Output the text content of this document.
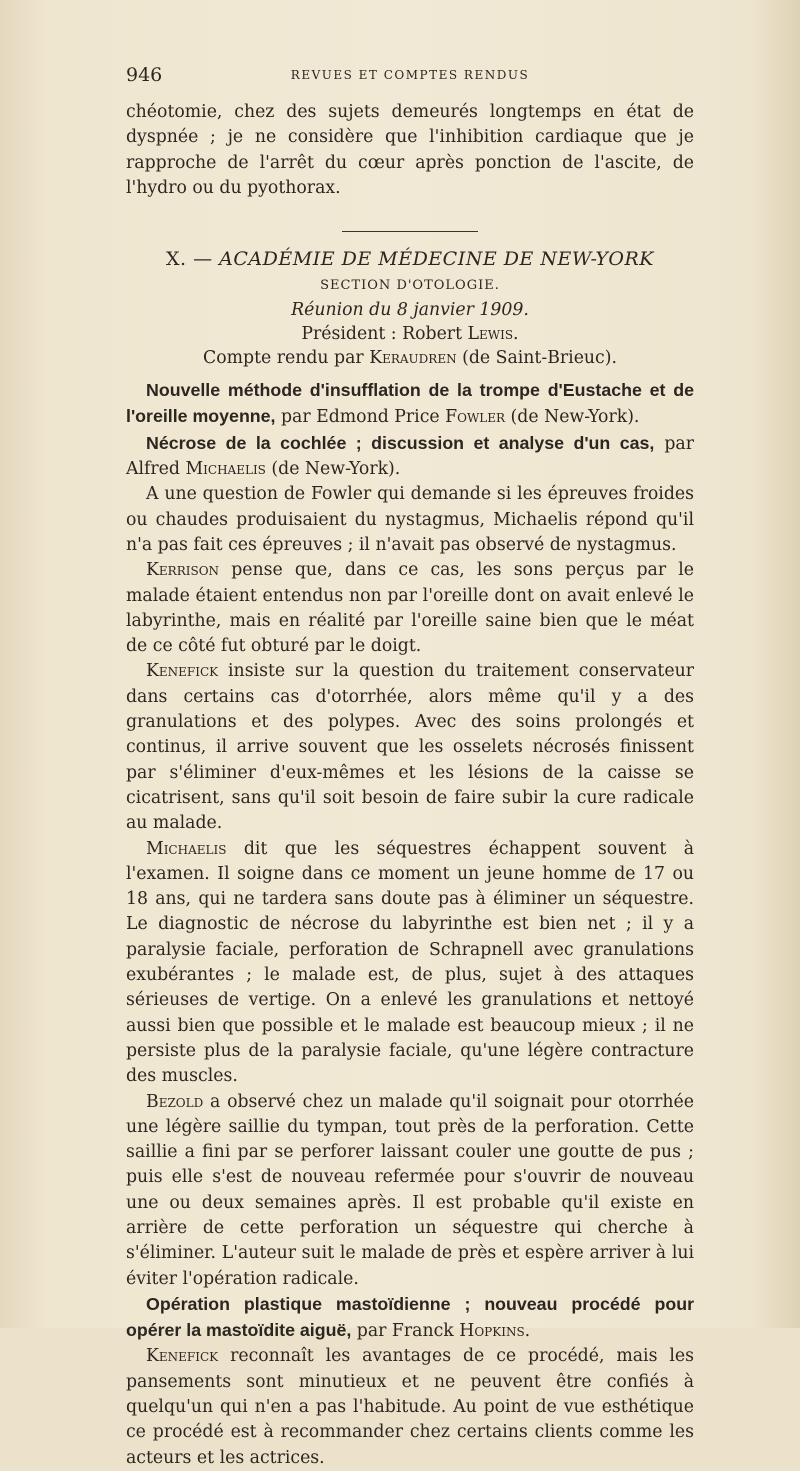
946	REVUES ET COMPTES RENDUS

chéotomie, chez des sujets demeurés longtemps en état de dyspnée ; je ne considère que l'inhibition cardiaque que je rapproche de l'arrêt du cœur après ponction de l'ascite, de l'hydro ou du pyothorax.

X. — ACADÉMIE DE MÉDECINE DE NEW-YORK
SECTION D'OTOLOGIE.
Réunion du 8 janvier 1909.
Président : Robert Lewis.
Compte rendu par Keraudren (de Saint-Brieuc).

Nouvelle méthode d'insufflation de la trompe d'Eustache et de l'oreille moyenne, par Edmond Price Fowler (de New-York).

Nécrose de la cochlée ; discussion et analyse d'un cas, par Alfred Michaelis (de New-York).

A une question de Fowler qui demande si les épreuves froides ou chaudes produisaient du nystagmus, Michaelis répond qu'il n'a pas fait ces épreuves ; il n'avait pas observé de nystagmus.

Kerrison pense que, dans ce cas, les sons perçus par le malade étaient entendus non par l'oreille dont on avait enlevé le labyrinthe, mais en réalité par l'oreille saine bien que le méat de ce côté fut obturé par le doigt.

Kenefick insiste sur la question du traitement conservateur dans certains cas d'otorrhée, alors même qu'il y a des granulations et des polypes. Avec des soins prolongés et continus, il arrive souvent que les osselets nécrosés finissent par s'éliminer d'eux-mêmes et les lésions de la caisse se cicatrisent, sans qu'il soit besoin de faire subir la cure radicale au malade.

Michaelis dit que les séquestres échappent souvent à l'examen. Il soigne dans ce moment un jeune homme de 17 ou 18 ans, qui ne tardera sans doute pas à éliminer un séquestre. Le diagnostic de nécrose du labyrinthe est bien net ; il y a paralysie faciale, perforation de Schrapnell avec granulations exubérantes ; le malade est, de plus, sujet à des attaques sérieuses de vertige. On a enlevé les granulations et nettoyé aussi bien que possible et le malade est beaucoup mieux ; il ne persiste plus de la paralysie faciale, qu'une légère contracture des muscles.

Bezold a observé chez un malade qu'il soignait pour otorrhée une légère saillie du tympan, tout près de la perforation. Cette saillie a fini par se perforer laissant couler une goutte de pus ; puis elle s'est de nouveau refermée pour s'ouvrir de nouveau une ou deux semaines après. Il est probable qu'il existe en arrière de cette perforation un séquestre qui cherche à s'éliminer. L'auteur suit le malade de près et espère arriver à lui éviter l'opération radicale.

Opération plastique mastoïdienne ; nouveau procédé pour opérer la mastoïdite aiguë, par Franck Hopkins.

Kenefick reconnaît les avantages de ce procédé, mais les pansements sont minutieux et ne peuvent être confiés à quelqu'un qui n'en a pas l'habitude. Au point de vue esthétique ce procédé est à recommander chez certains clients comme les acteurs et les actrices.
